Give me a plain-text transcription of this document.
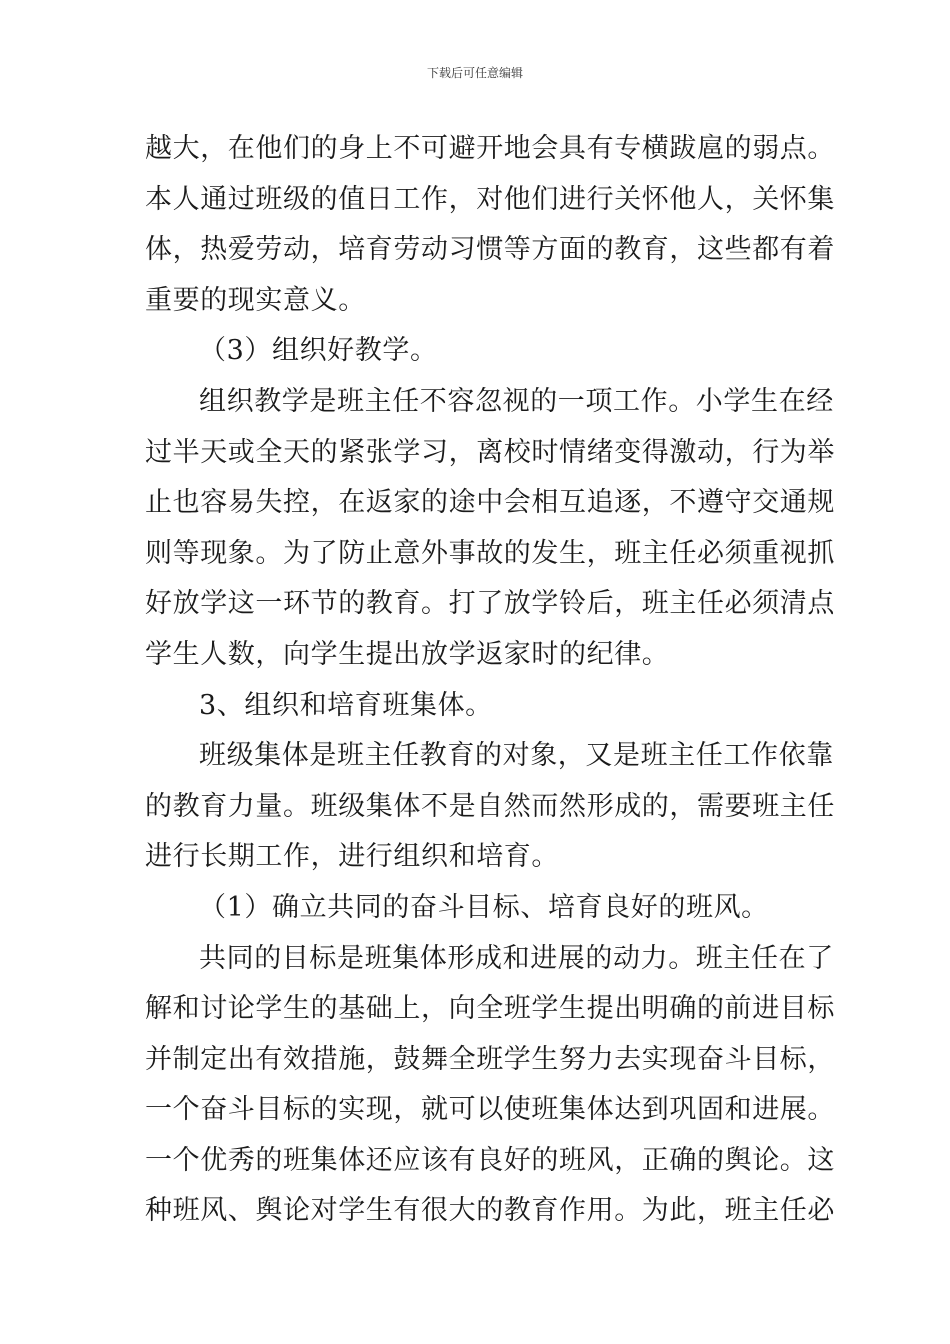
下载后可任意编辑
越大，在他们的身上不可避开地会具有专横跋扈的弱点。
本人通过班级的值日工作，对他们进行关怀他人，关怀集
体，热爱劳动，培育劳动习惯等方面的教育，这些都有着
重要的现实意义。
（3）组织好教学。
组织教学是班主任不容忽视的一项工作。小学生在经
过半天或全天的紧张学习，离校时情绪变得激动，行为举
止也容易失控，在返家的途中会相互追逐，不遵守交通规
则等现象。为了防止意外事故的发生，班主任必须重视抓
好放学这一环节的教育。打了放学铃后，班主任必须清点
学生人数，向学生提出放学返家时的纪律。
3、组织和培育班集体。
班级集体是班主任教育的对象，又是班主任工作依靠
的教育力量。班级集体不是自然而然形成的，需要班主任
进行长期工作，进行组织和培育。
（1）确立共同的奋斗目标、培育良好的班风。
共同的目标是班集体形成和进展的动力。班主任在了
解和讨论学生的基础上，向全班学生提出明确的前进目标
并制定出有效措施，鼓舞全班学生努力去实现奋斗目标，
一个奋斗目标的实现，就可以使班集体达到巩固和进展。
一个优秀的班集体还应该有良好的班风，正确的舆论。这
种班风、舆论对学生有很大的教育作用。为此，班主任必
